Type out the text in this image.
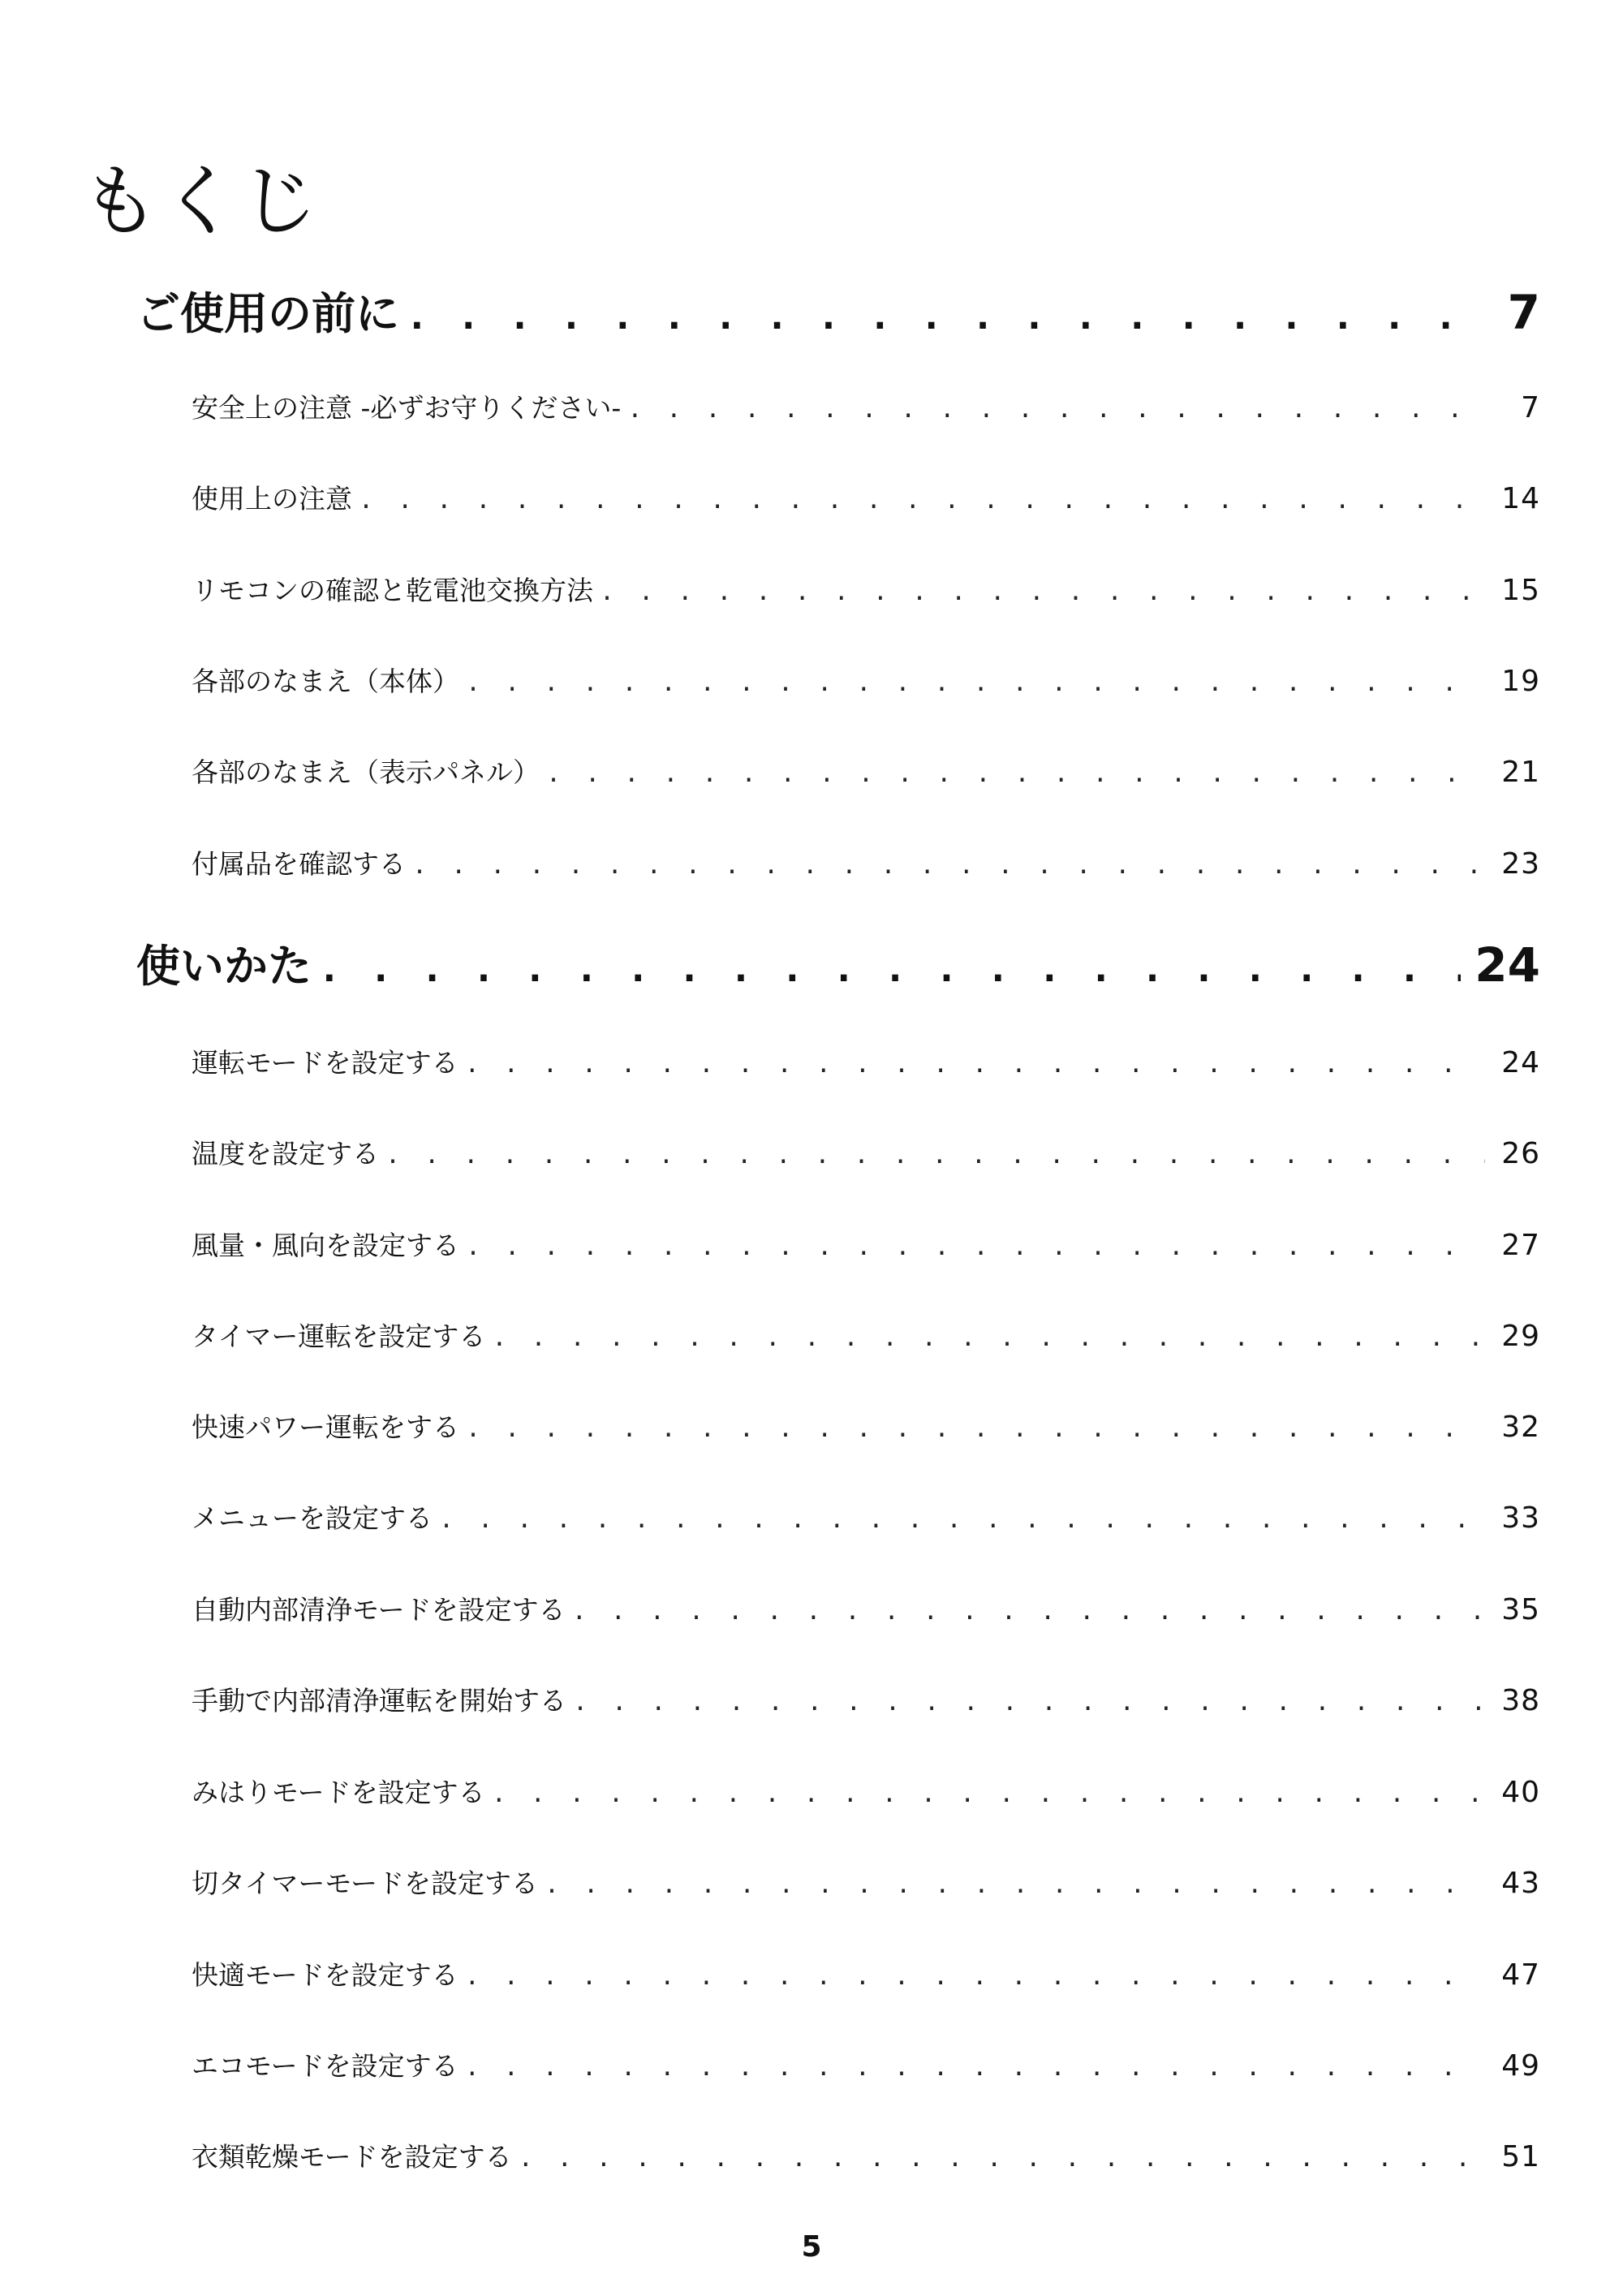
もくじ
ご使用の前に . . .	7
安全上の注意 -必ずお守りください- . . .	7
使用上の注意 . . .	14
リモコンの確認と乾電池交換方法 . . .	15
各部のなまえ（本体） . . .	19
各部のなまえ（表示パネル） . . .	21
付属品を確認する . . .	23
使いかた . . .	24
運転モードを設定する . . .	24
温度を設定する . . .	26
風量・風向を設定する . . .	27
タイマー運転を設定する . . .	29
快速パワー運転をする . . .	32
メニューを設定する . . .	33
自動内部清浄モードを設定する . . .	35
手動で内部清浄運転を開始する . . .	38
みはりモードを設定する . . .	40
切タイマーモードを設定する . . .	43
快適モードを設定する . . .	47
エコモードを設定する . . .	49
衣類乾燥モードを設定する . . .	51
5
